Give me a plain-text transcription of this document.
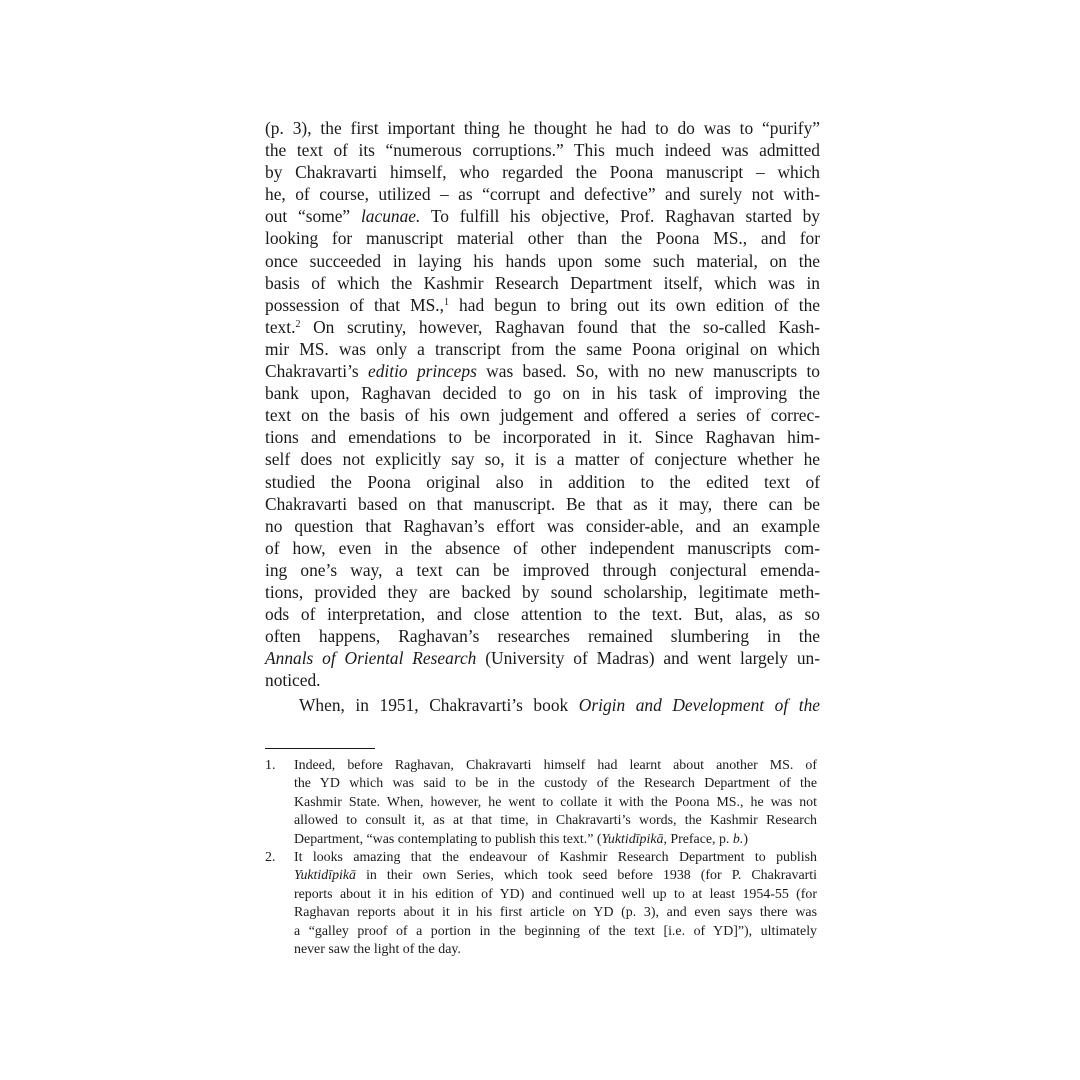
(p. 3), the first important thing he thought he had to do was to “purify”
the text of its “numerous corruptions.” This much indeed was admitted
by Chakravarti himself, who regarded the Poona manuscript – which
he, of course, utilized – as “corrupt and defective” and surely not with-
out “some” lacunae. To fulfill his objective, Prof. Raghavan started by
looking for manuscript material other than the Poona MS., and for
once succeeded in laying his hands upon some such material, on the
basis of which the Kashmir Research Department itself, which was in
possession of that MS.,$^1$ had begun to bring out its own edition of the
text.$^2$ On scrutiny, however, Raghavan found that the so-called Kash-
mir MS. was only a transcript from the same Poona original on which
Chakravarti’s editio princeps was based. So, with no new manuscripts to
bank upon, Raghavan decided to go on in his task of improving the
text on the basis of his own judgement and offered a series of correc-
tions and emendations to be incorporated in it. Since Raghavan him-
self does not explicitly say so, it is a matter of conjecture whether he
studied the Poona original also in addition to the edited text of
Chakravarti based on that manuscript. Be that as it may, there can be
no question that Raghavan’s effort was consider-able, and an example
of how, even in the absence of other independent manuscripts com-
ing one’s way, a text can be improved through conjectural emenda-
tions, provided they are backed by sound scholarship, legitimate meth-
ods of interpretation, and close attention to the text. But, alas, as so
often happens, Raghavan’s researches remained slumbering in the
Annals of Oriental Research (University of Madras) and went largely un-
noticed.
When, in 1951, Chakravarti’s book Origin and Development of the
1. Indeed, before Raghavan, Chakravarti himself had learnt about another MS. of
the YD which was said to be in the custody of the Research Department of the
Kashmir State. When, however, he went to collate it with the Poona MS., he was not
allowed to consult it, as at that time, in Chakravarti’s words, the Kashmir Research
Department, “was contemplating to publish this text.” (Yuktidīpikā, Preface, p. b.)
2. It looks amazing that the endeavour of Kashmir Research Department to publish
Yuktidīpikā in their own Series, which took seed before 1938 (for P. Chakravarti
reports about it in his edition of YD) and continued well up to at least 1954-55 (for
Raghavan reports about it in his first article on YD (p. 3), and even says there was
a “galley proof of a portion in the beginning of the text [i.e. of YD]”), ultimately
never saw the light of the day.
